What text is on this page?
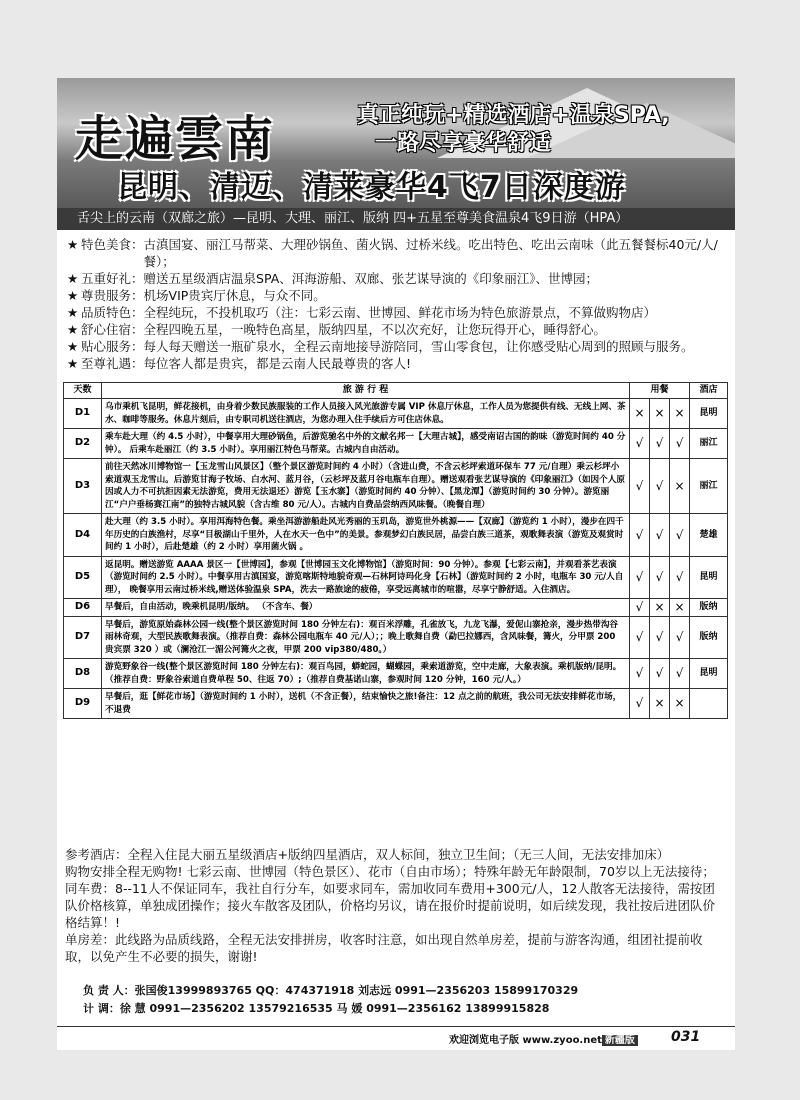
走遍雲南	真正纯玩+精选酒店+温泉SPA,
一路尽享豪华舒适
昆明、清迈、清莱豪华4飞7日深度游
舌尖上的云南（双廊之旅）—昆明、大理、丽江、版纳 四+五星至尊美食温泉4飞9日游（HPA）
★ 特色美食： 古滇国宴、丽江马帮菜、大理砂锅鱼、菌火锅、过桥米线。吃出特色、吃出云南味（此五餐餐标40元/人/餐）；
★ 五重好礼： 赠送五星级酒店温泉SPA、洱海游船、双廊、张艺谋导演的《印象丽江》、世博园；
★ 尊贵服务： 机场VIP贵宾厅休息，与众不同。
★ 品质特色： 全程纯玩，不投机取巧（注：七彩云南、世博园、鲜花市场为特色旅游景点，不算做购物店）
★ 舒心住宿： 全程四晚五星，一晚特色高星，版纳四星，不以次充好，让您玩得开心，睡得舒心。
★ 贴心服务： 每人每天赠送一瓶矿泉水，全程云南地接导游陪同，雪山零食包，让你感受贴心周到的照顾与服务。
★ 至尊礼遇： 每位客人都是贵宾，都是云南人民最尊贵的客人!
天数	旅 游 行 程	用餐			酒店
D1	乌市乘机飞昆明，鲜花接机，由身着少数民族服装的工作人员接入风光旅游专属 VIP 休息厅休息，工作人员为您提供有线、无线上网、茶水、咖啡等服务。休息片刻后，由专职司机送往酒店，为您办理入住手续后方可住店休息。	×	×	×	昆明
D2	乘车赴大理（约 4.5 小时），中餐享用大理砂锅鱼，后游览驰名中外的文献名邦一【大理古城】，感受南诏古国的韵味（游览时间约 40 分钟）。 后乘车赴丽江（约 3.5 小时）。享用丽江特色马帮菜。古城内自由活动。	√	√	√	丽江
D3	前往天然冰川博物馆一【玉龙雪山风景区】（整个景区游览时间约 4 小时）（含进山费，不含云杉坪索道环保车 77 元/自理）乘云杉坪小索道观玉龙雪山。后游览甘海子牧场、白水河、蓝月谷，（云杉坪及蓝月谷电瓶车自理）。赠送观看张艺谋导演的《印象丽江》（如因个人原因或人力不可抗拒因素无法游览，费用无法退还）游览【玉水寨】（游览时间约 40 分钟）、【黑龙潭】（游览时间约 30 分钟）。游览丽江“户户垂杨赛江南”的独特古城风貌（含古维 80 元/人）。古城内自费品尝纳西风味餐。（晚餐自理）	√	√	×	丽江
D4	赴大理（约 3.5 小时）。享用洱海特色餐。乘坐洱游游船赴风光秀丽的玉玑岛，游览世外桃源——【双廊】（游览约 1 小时），漫步在四千年历史的白族渔村，尽享“目极湖山千里外，人在水天一色中”的美景。参观梦幻白族民居，品尝白族三道茶，观歌舞表演（游览及观赏时间约 1 小时），后赴楚雄（约 2 小时）享用菌火锅 。	√	√	√	楚雄
D5	返昆明。赠送游览 AAAA 景区一【世博园】，参观【世博园玉文化博物馆】（游览时间：90 分钟）。参观【七彩云南】，并观看茶艺表演（游览时间约 2.5 小时）。中餐享用古滇国宴，游览喀斯特地貌奇观—石林阿诗玛化身【石林】（游览时间约 2 小时，电瓶车 30 元/人自理）， 晚餐享用云南过桥米线,赠送体验温泉 SPA，洗去一路旅途的疲倦，享受远离城市的喧嚣，尽享宁静舒适。入住酒店。	√	√	√	昆明
D6	早餐后，自由活动，晚乘机昆明/版纳。 （不含车、餐）	√	×	×	版纳
D7	早餐后，游览原始森林公园一线(整个景区游览时间 180 分钟左右)：观百米浮雕，孔雀放飞，九龙飞瀑，爱伲山寨抢亲，漫步热带沟谷雨林奇观，大型民族歌舞表演。（推荐自费：森林公园电瓶车 40 元/人）；；晚上歌舞自费（勐巴拉娜西，含风味餐，篝火，分甲票 200 贵宾票 320 ）或（澜沧江一湄公河篝火之夜，甲票 200 vip380/480。）	√	√	√	版纳
D8	游览野象谷一线(整个景区游览时间 180 分钟左右)：观百鸟园，蟒蛇园，蝴蝶园，乘索道游览，空中走廊，大象表演。乘机版纳/昆明。（推荐自费：野象谷索道自费单程 50、往返 70）;（推荐自费基诺山寨，参观时间 120 分钟，160 元/人。）	√	√	√	昆明
D9	早餐后，逛【鲜花市场】（游览时间约 1 小时），送机（不含正餐），结束愉快之旅!备注：12 点之前的航班，我公司无法安排鲜花市场，不退费	√	×	×	
参考酒店：全程入住昆大丽五星级酒店+版纳四星酒店，双人标间，独立卫生间；（无三人间，无法安排加床）
购物安排全程无购物! 七彩云南、世博园（特色景区）、花市（自由市场）；特殊年龄无年龄限制，70岁以上无法接待；
同车费：8--11人不保证同车，我社自行分车，如要求同车，需加收同车费用+300元/人，12人散客无法接待，需按团队价格核算，单独成团操作；接火车散客及团队，价格均另议，请在报价时提前说明，如后续发现，我社按后进团队价格结算！!
单房差：此线路为品质线路，全程无法安排拼房，收客时注意，如出现自然单房差，提前与游客沟通，组团社提前收取，以免产生不必要的损失，谢谢!
负 责 人：张国俊13999893765 QQ：474371918 刘志远 0991—2356203 15899170329
计 调：徐 慧 0991—2356202 13579216535 马 媛 0991—2356162 13899915828
欢迎浏览电子版 www.zyoo.net 新疆版	031
